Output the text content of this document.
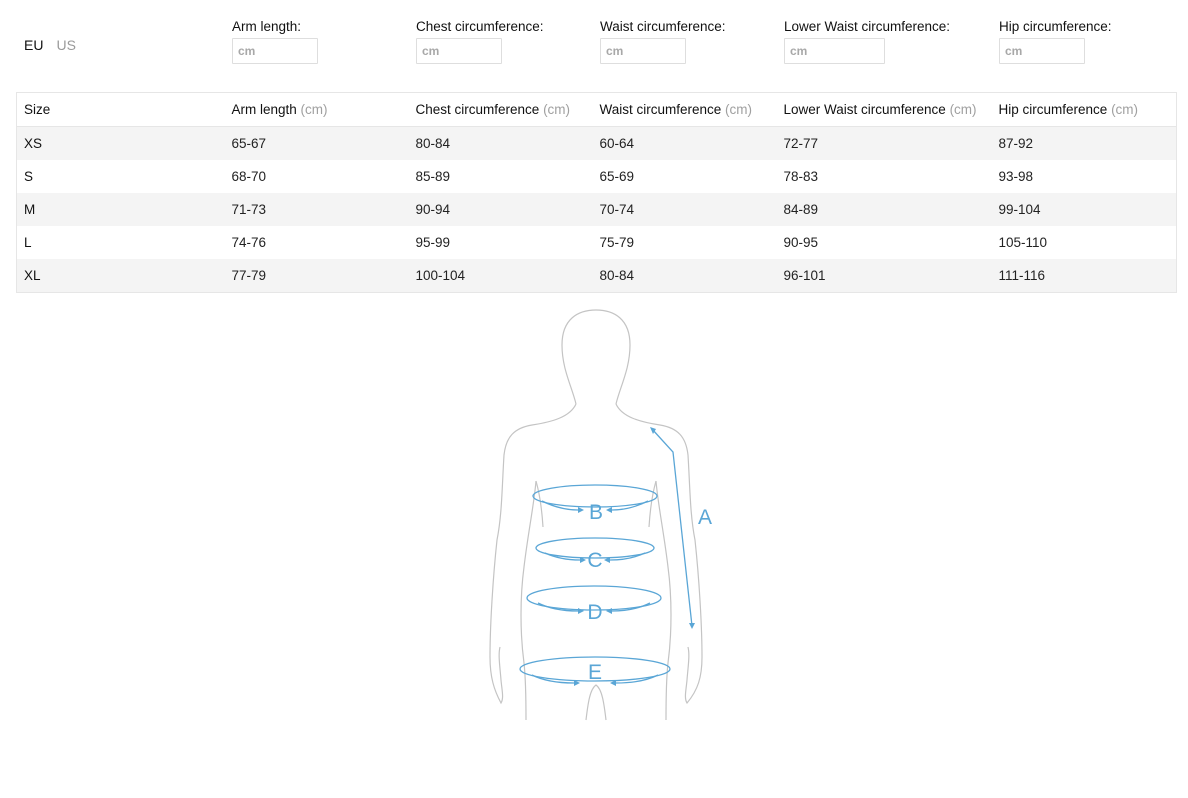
EU US
Arm length:
cm	Chest circumference:
cm	Waist circumference:
cm	Lower Waist circumference:
cm	Hip circumference:
cm
Size	Arm length (cm)	Chest circumference (cm)	Waist circumference (cm)	Lower Waist circumference (cm)	Hip circumference (cm)
XS	65-67	80-84	60-64	72-77	87-92
S	68-70	85-89	65-69	78-83	93-98
M	71-73	90-94	70-74	84-89	99-104
L	74-76	95-99	75-79	90-95	105-110
XL	77-79	100-104	80-84	96-101	111-116
B
C
D
E
A
